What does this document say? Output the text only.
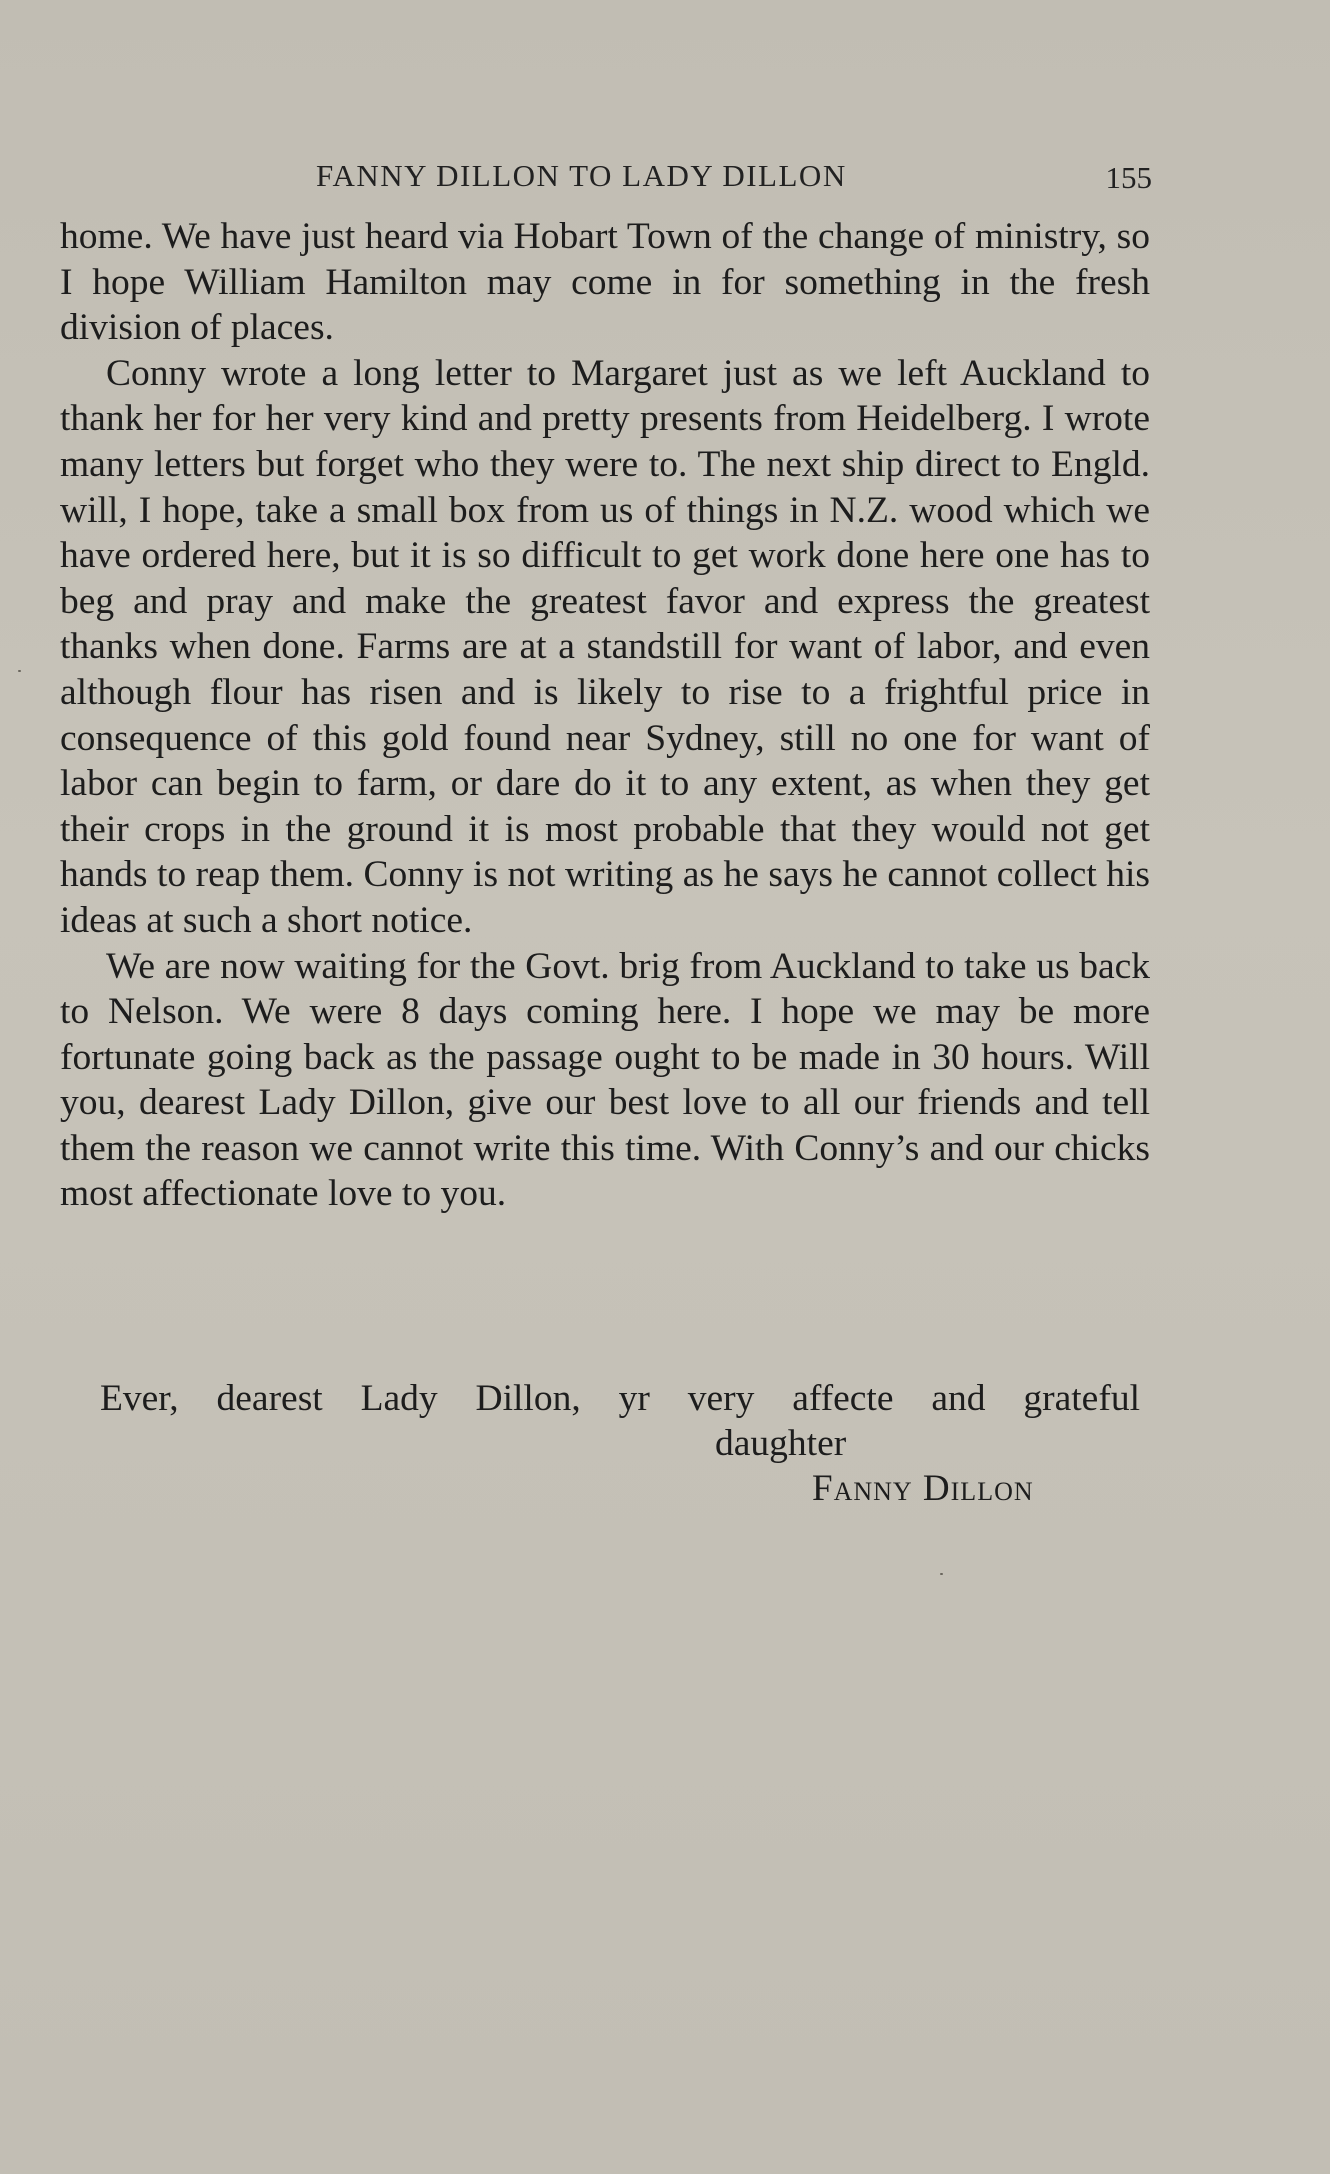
FANNY DILLON TO LADY DILLON	155

home. We have just heard via Hobart Town of the change of ministry, so I hope William Hamilton may come in for something in the fresh division of places.

Conny wrote a long letter to Margaret just as we left Auckland to thank her for her very kind and pretty presents from Heidelberg. I wrote many letters but forget who they were to. The next ship direct to Engld. will, I hope, take a small box from us of things in N.Z. wood which we have ordered here, but it is so difficult to get work done here one has to beg and pray and make the greatest favor and express the greatest thanks when done. Farms are at a standstill for want of labor, and even although flour has risen and is likely to rise to a frightful price in consequence of this gold found near Sydney, still no one for want of labor can begin to farm, or dare do it to any extent, as when they get their crops in the ground it is most probable that they would not get hands to reap them. Conny is not writing as he says he cannot collect his ideas at such a short notice.

We are now waiting for the Govt. brig from Auckland to take us back to Nelson. We were 8 days coming here. I hope we may be more fortunate going back as the passage ought to be made in 30 hours. Will you, dearest Lady Dillon, give our best love to all our friends and tell them the reason we cannot write this time. With Conny’s and our chicks most affectionate love to you.

Ever, dearest Lady Dillon, yr very affecte and grateful
daughter
Fanny Dillon
